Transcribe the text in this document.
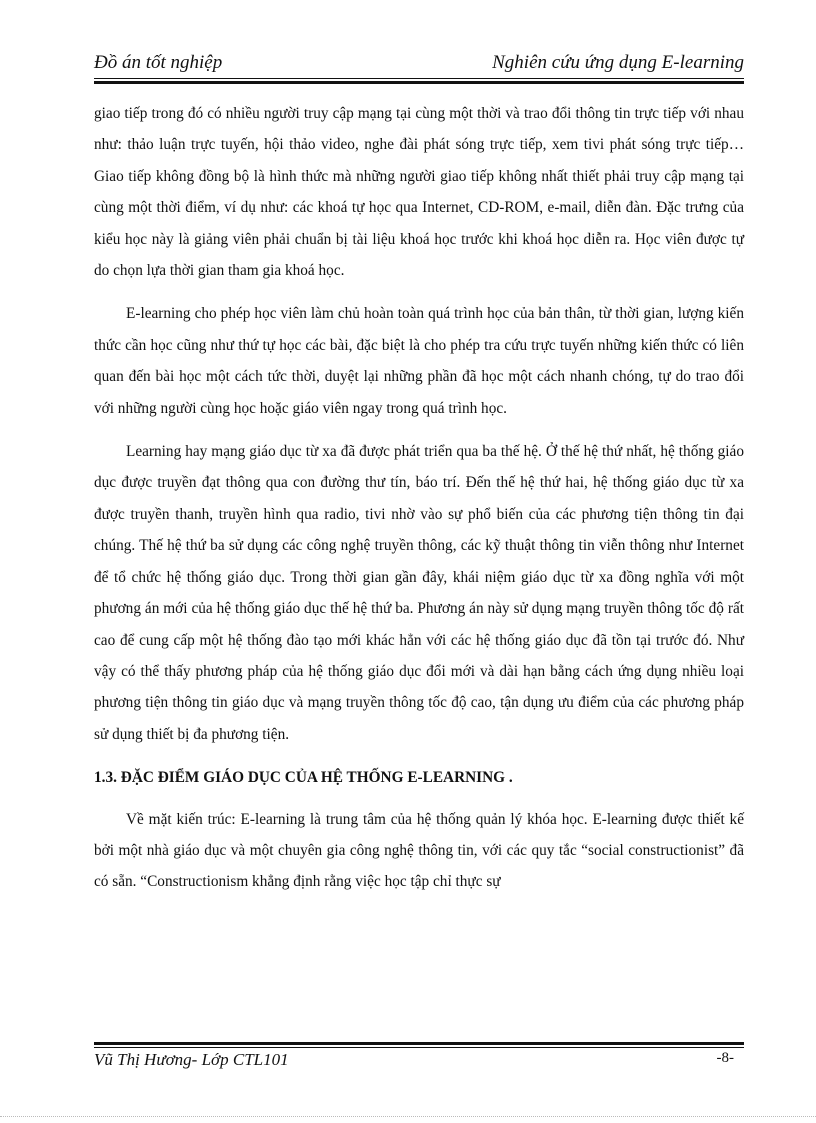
Đồ án tốt nghiệp	Nghiên cứu ứng dụng E-learning

giao tiếp trong đó có nhiều người truy cập mạng tại cùng một thời và trao đổi thông tin trực tiếp với nhau như: thảo luận trực tuyến, hội thảo video, nghe đài phát sóng trực tiếp, xem tivi phát sóng trực tiếp… Giao tiếp không đồng bộ là hình thức mà những người giao tiếp không nhất thiết phải truy cập mạng tại cùng một thời điểm, ví dụ như: các khoá tự học qua Internet, CD-ROM, e-mail, diễn đàn. Đặc trưng của kiểu học này là giảng viên phải chuẩn bị tài liệu khoá học trước khi khoá học diễn ra. Học viên được tự do chọn lựa thời gian tham gia khoá học.

E-learning cho phép học viên làm chủ hoàn toàn quá trình học của bản thân, từ thời gian, lượng kiến thức cần học cũng như thứ tự học các bài, đặc biệt là cho phép tra cứu trực tuyến những kiến thức có liên quan đến bài học một cách tức thời, duyệt lại những phần đã học một cách nhanh chóng, tự do trao đổi với những người cùng học hoặc giáo viên ngay trong quá trình học.

Learning hay mạng giáo dục từ xa đã được phát triển qua ba thế hệ. Ở thế hệ thứ nhất, hệ thống giáo dục được truyền đạt thông qua con đường thư tín, báo trí. Đến thế hệ thứ hai, hệ thống giáo dục từ xa được truyền thanh, truyền hình qua radio, tivi nhờ vào sự phổ biến của các phương tiện thông tin đại chúng. Thế hệ thứ ba sử dụng các công nghệ truyền thông, các kỹ thuật thông tin viễn thông như Internet để tổ chức hệ thống giáo dục. Trong thời gian gần đây, khái niệm giáo dục từ xa đồng nghĩa với một phương án mới của hệ thống giáo dục thế hệ thứ ba. Phương án này sử dụng mạng truyền thông tốc độ rất cao để cung cấp một hệ thống đào tạo mới khác hẳn với các hệ thống giáo dục đã tồn tại trước đó. Như vậy có thể thấy phương pháp của hệ thống giáo dục đổi mới và dài hạn bằng cách ứng dụng nhiều loại phương tiện thông tin giáo dục và mạng truyền thông tốc độ cao, tận dụng ưu điểm của các phương pháp sử dụng thiết bị đa phương tiện.

1.3. ĐẶC ĐIỂM GIÁO DỤC CỦA HỆ THỐNG E-LEARNING .

Về mặt kiến trúc: E-learning là trung tâm của hệ thống quản lý khóa học. E-learning được thiết kế bởi một nhà giáo dục và một chuyên gia công nghệ thông tin, với các quy tắc “social constructionist” đã có sẵn. “Constructionism khẳng định rằng việc học tập chỉ thực sự

Vũ Thị Hương- Lớp CTL101	-8-
